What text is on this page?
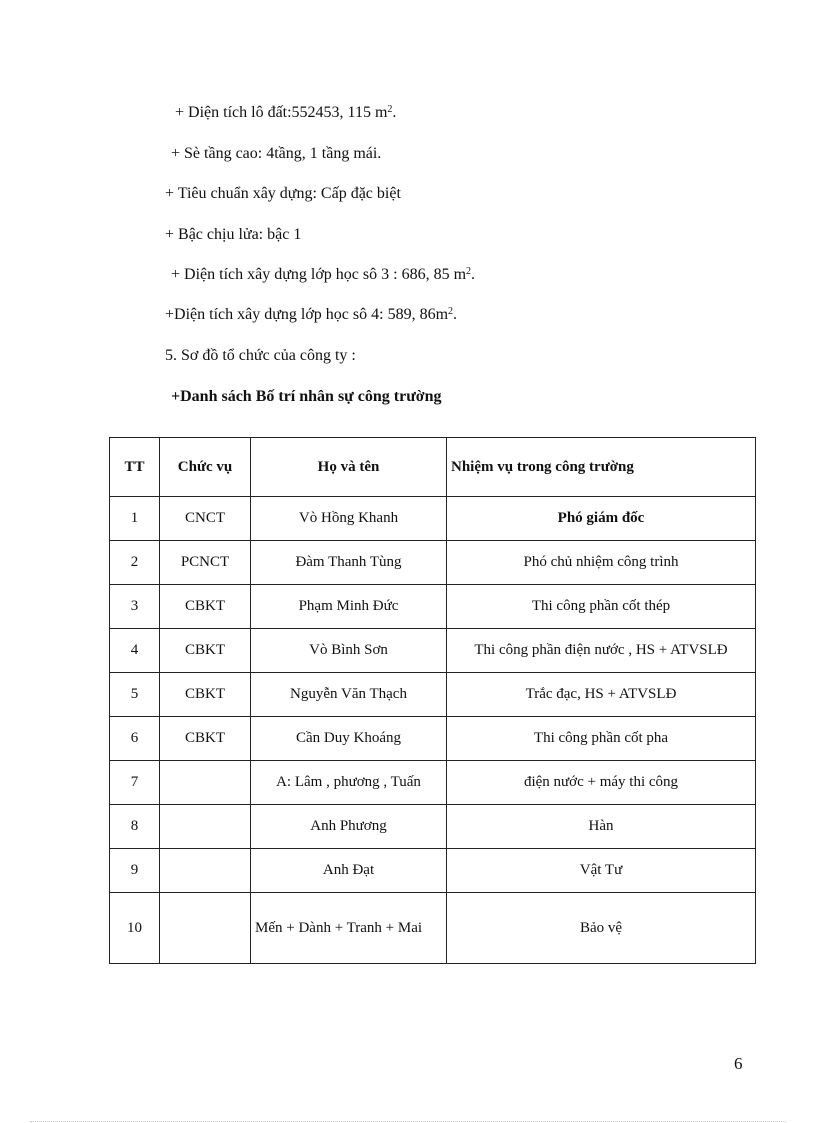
+ Diện tích lô đất:552453, 115 $m^2$.
+ Sè tầng cao: 4tầng, 1 tầng mái.
+ Tiêu chuẩn xây dựng: Cấp đặc biệt
+ Bậc chịu lửa: bậc 1
+ Diện tích xây dựng lớp học sô 3 : 686, 85 $m^2$.
+Diện tích xây dựng lớp học sô 4: 589, $86m^2$.
5. Sơ đồ tổ chức của công ty :
+Danh sách Bố trí nhân sự công trường
TT	Chức vụ	Họ và tên	Nhiệm vụ trong công trường
1	CNCT	Vò Hồng Khanh	Phó giám đốc
2	PCNCT	Đàm Thanh Tùng	Phó chủ nhiệm công trình
3	CBKT	Phạm Minh Đức	Thi công phần cốt thép
4	CBKT	Vò Bình Sơn	Thi công phần điện nước , HS + ATVSLĐ
5	CBKT	Nguyễn Văn Thạch	Trắc đạc, HS + ATVSLĐ
6	CBKT	Cần Duy Khoáng	Thi công phần cốt pha
7		A: Lâm , phương , Tuấn	điện nước + máy thi công
8		Anh Phương	Hàn
9		Anh Đạt	Vật Tư
10		Mến + Dành + Tranh + Mai	Bảo vệ
6
